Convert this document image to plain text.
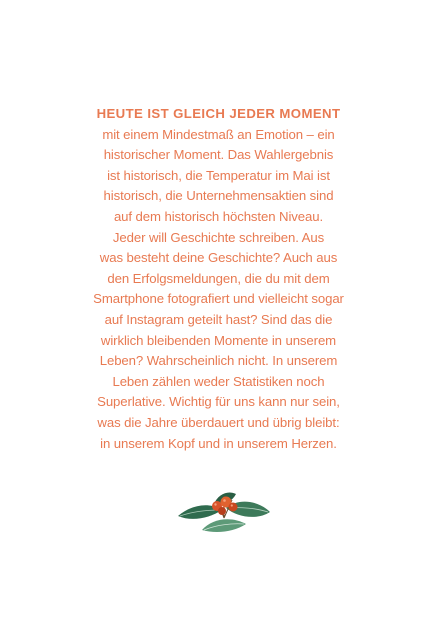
HEUTE IST GLEICH JEDER MOMENT
mit einem Mindestmaß an Emotion – ein
historischer Moment. Das Wahlergebnis
ist historisch, die Temperatur im Mai ist
historisch, die Unternehmensaktien sind
auf dem historisch höchsten Niveau.
Jeder will Geschichte schreiben. Aus
was besteht deine Geschichte? Auch aus
den Erfolgsmeldungen, die du mit dem
Smartphone fotografiert und vielleicht sogar
auf Instagram geteilt hast? Sind das die
wirklich bleibenden Momente in unserem
Leben? Wahrscheinlich nicht. In unserem
Leben zählen weder Statistiken noch
Superlative. Wichtig für uns kann nur sein,
was die Jahre überdauert und übrig bleibt:
in unserem Kopf und in unserem Herzen.
